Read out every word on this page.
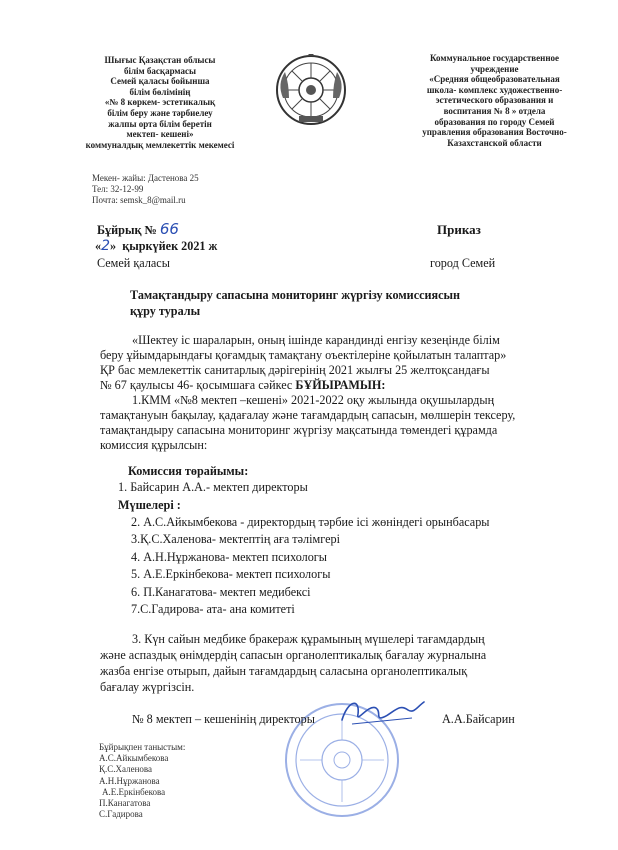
Шығыс Қазақстан облысы
білім басқармасы
Семей қаласы бойынша
білім бөлімінің
«№ 8 көркем- эстетикалық
білім беру және тәрбиелеу
жалпы орта білім беретін
мектеп- кешені»
коммуналдық мемлекеттік мекемесі
Коммунальное государственное
учреждение
«Средняя общеобразовательная
школа- комплекс художественно-
эстетического образования и
воспитания № 8 » отдела
образования по городу Семей
управления образования Восточно-
Казахстанской области
Мекен- жайы: Дастенова 25
Тел: 32-12-99
Почта: semsk_8@mail.ru
Бұйрық № 66
«2» қыркүйек 2021 ж
Семей қаласы
Приказ
город Семей
Тамақтандыру сапасына мониторинг жүргізу комиссиясын
құру туралы
«Шектеу іс шараларын, оның ішінде карандинді енгізу кезеңінде білім
беру ұйымдарындағы қоғамдық тамақтану оъектілеріне қойылатын талаптар»
ҚР бас мемлекеттік санитарлық дәрігерінің 2021 жылғы 25 желтоқсандағы
№ 67 қаулысы 46- қосымшаға сәйкес БҰЙЫРАМЫН:
1.КММ «№8 мектеп –кешені» 2021-2022 оқу жылында оқушылардың
тамақтануын бақылау, қадағалау және тағамдардың сапасын, мөлшерін тексеру,
тамақтандыру сапасына мониторинг жүргізу мақсатында төмендегі құрамда
комиссия құрылсын:
Комиссия төрайымы:
1. Байсарин А.А.- мектеп директоры
Мүшелері :
2. А.С.Айкымбекова - директордың тәрбие ісі жөніндегі орынбасары
3.Қ.С.Халенова- мектептің аға тәлімгері
4. А.Н.Нұржанова- мектеп психологы
5. А.Е.Еркінбекова- мектеп психологы
6. П.Канагатова- мектеп медибексі
7.С.Гадирова- ата- ана комитеті
3. Күн сайын медбике бракераж құрамының мүшелері тағамдардың
және аспаздық өнімдердің сапасын органолептикалық бағалау журналына
жазба енгізе отырып, дайын тағамдардың саласына органолептикалық
бағалау жүргізсін.
№ 8 мектеп – кешенінің директоры	А.А.Байсарин
Бұйрықпен таныстым:
А.С.Айкымбекова
Қ.С.Халенова
А.Н.Нұржанова
А.Е.Еркінбекова
П.Канагатова
С.Гадирова
